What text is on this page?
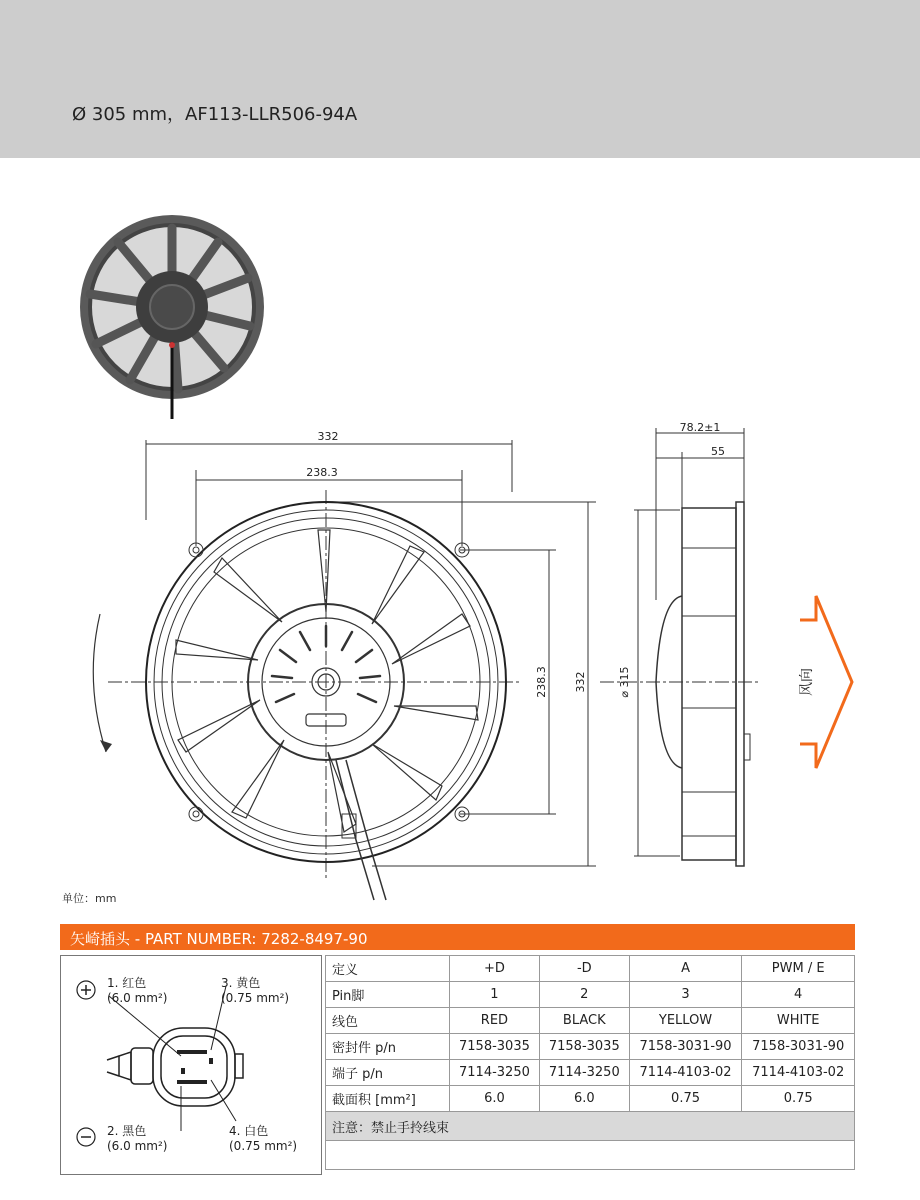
Ø 305 mm，AF113-LLR506-94A
332
238.3
332
238.3	风向
78.2±1
55
⌀ 315
单位：mm
矢崎插头 - PART NUMBER: 7282-8497-90
1. 红色
(6.0 mm²)
3. 黄色
(0.75 mm²)
2. 黑色
(6.0 mm²)
4. 白色
(0.75 mm²)
定义	+D	-D	A	PWM / E
Pin脚	1	2	3	4
线色	RED	BLACK	YELLOW	WHITE
密封件 p/n	7158-3035	7158-3035	7158-3031-90	7158-3031-90
端子 p/n	7114-3250	7114-3250	7114-4103-02	7114-4103-02
截面积 [mm²]	6.0	6.0	0.75	0.75
注意：禁止手拎线束				
